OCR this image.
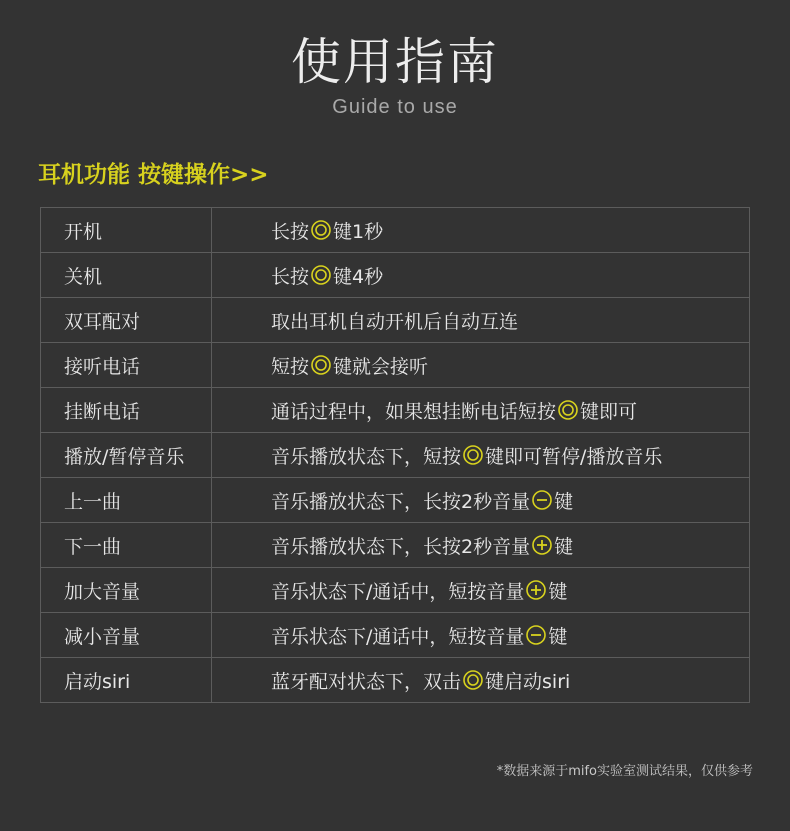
使用指南
Guide to use
耳机功能 按键操作>>
开机	长按 键1秒
关机	长按 键4秒
双耳配对	取出耳机自动开机后自动互连
接听电话	短按 键就会接听
挂断电话	通话过程中，如果想挂断电话短按 键即可
播放/暂停音乐	音乐播放状态下，短按 键即可暂停/播放音乐
上一曲	音乐播放状态下，长按2秒音量 键
下一曲	音乐播放状态下，长按2秒音量 键
加大音量	音乐状态下/通话中，短按音量 键
减小音量	音乐状态下/通话中，短按音量 键
启动siri	蓝牙配对状态下，双击 键启动siri
*数据来源于mifo实验室测试结果，仅供参考
